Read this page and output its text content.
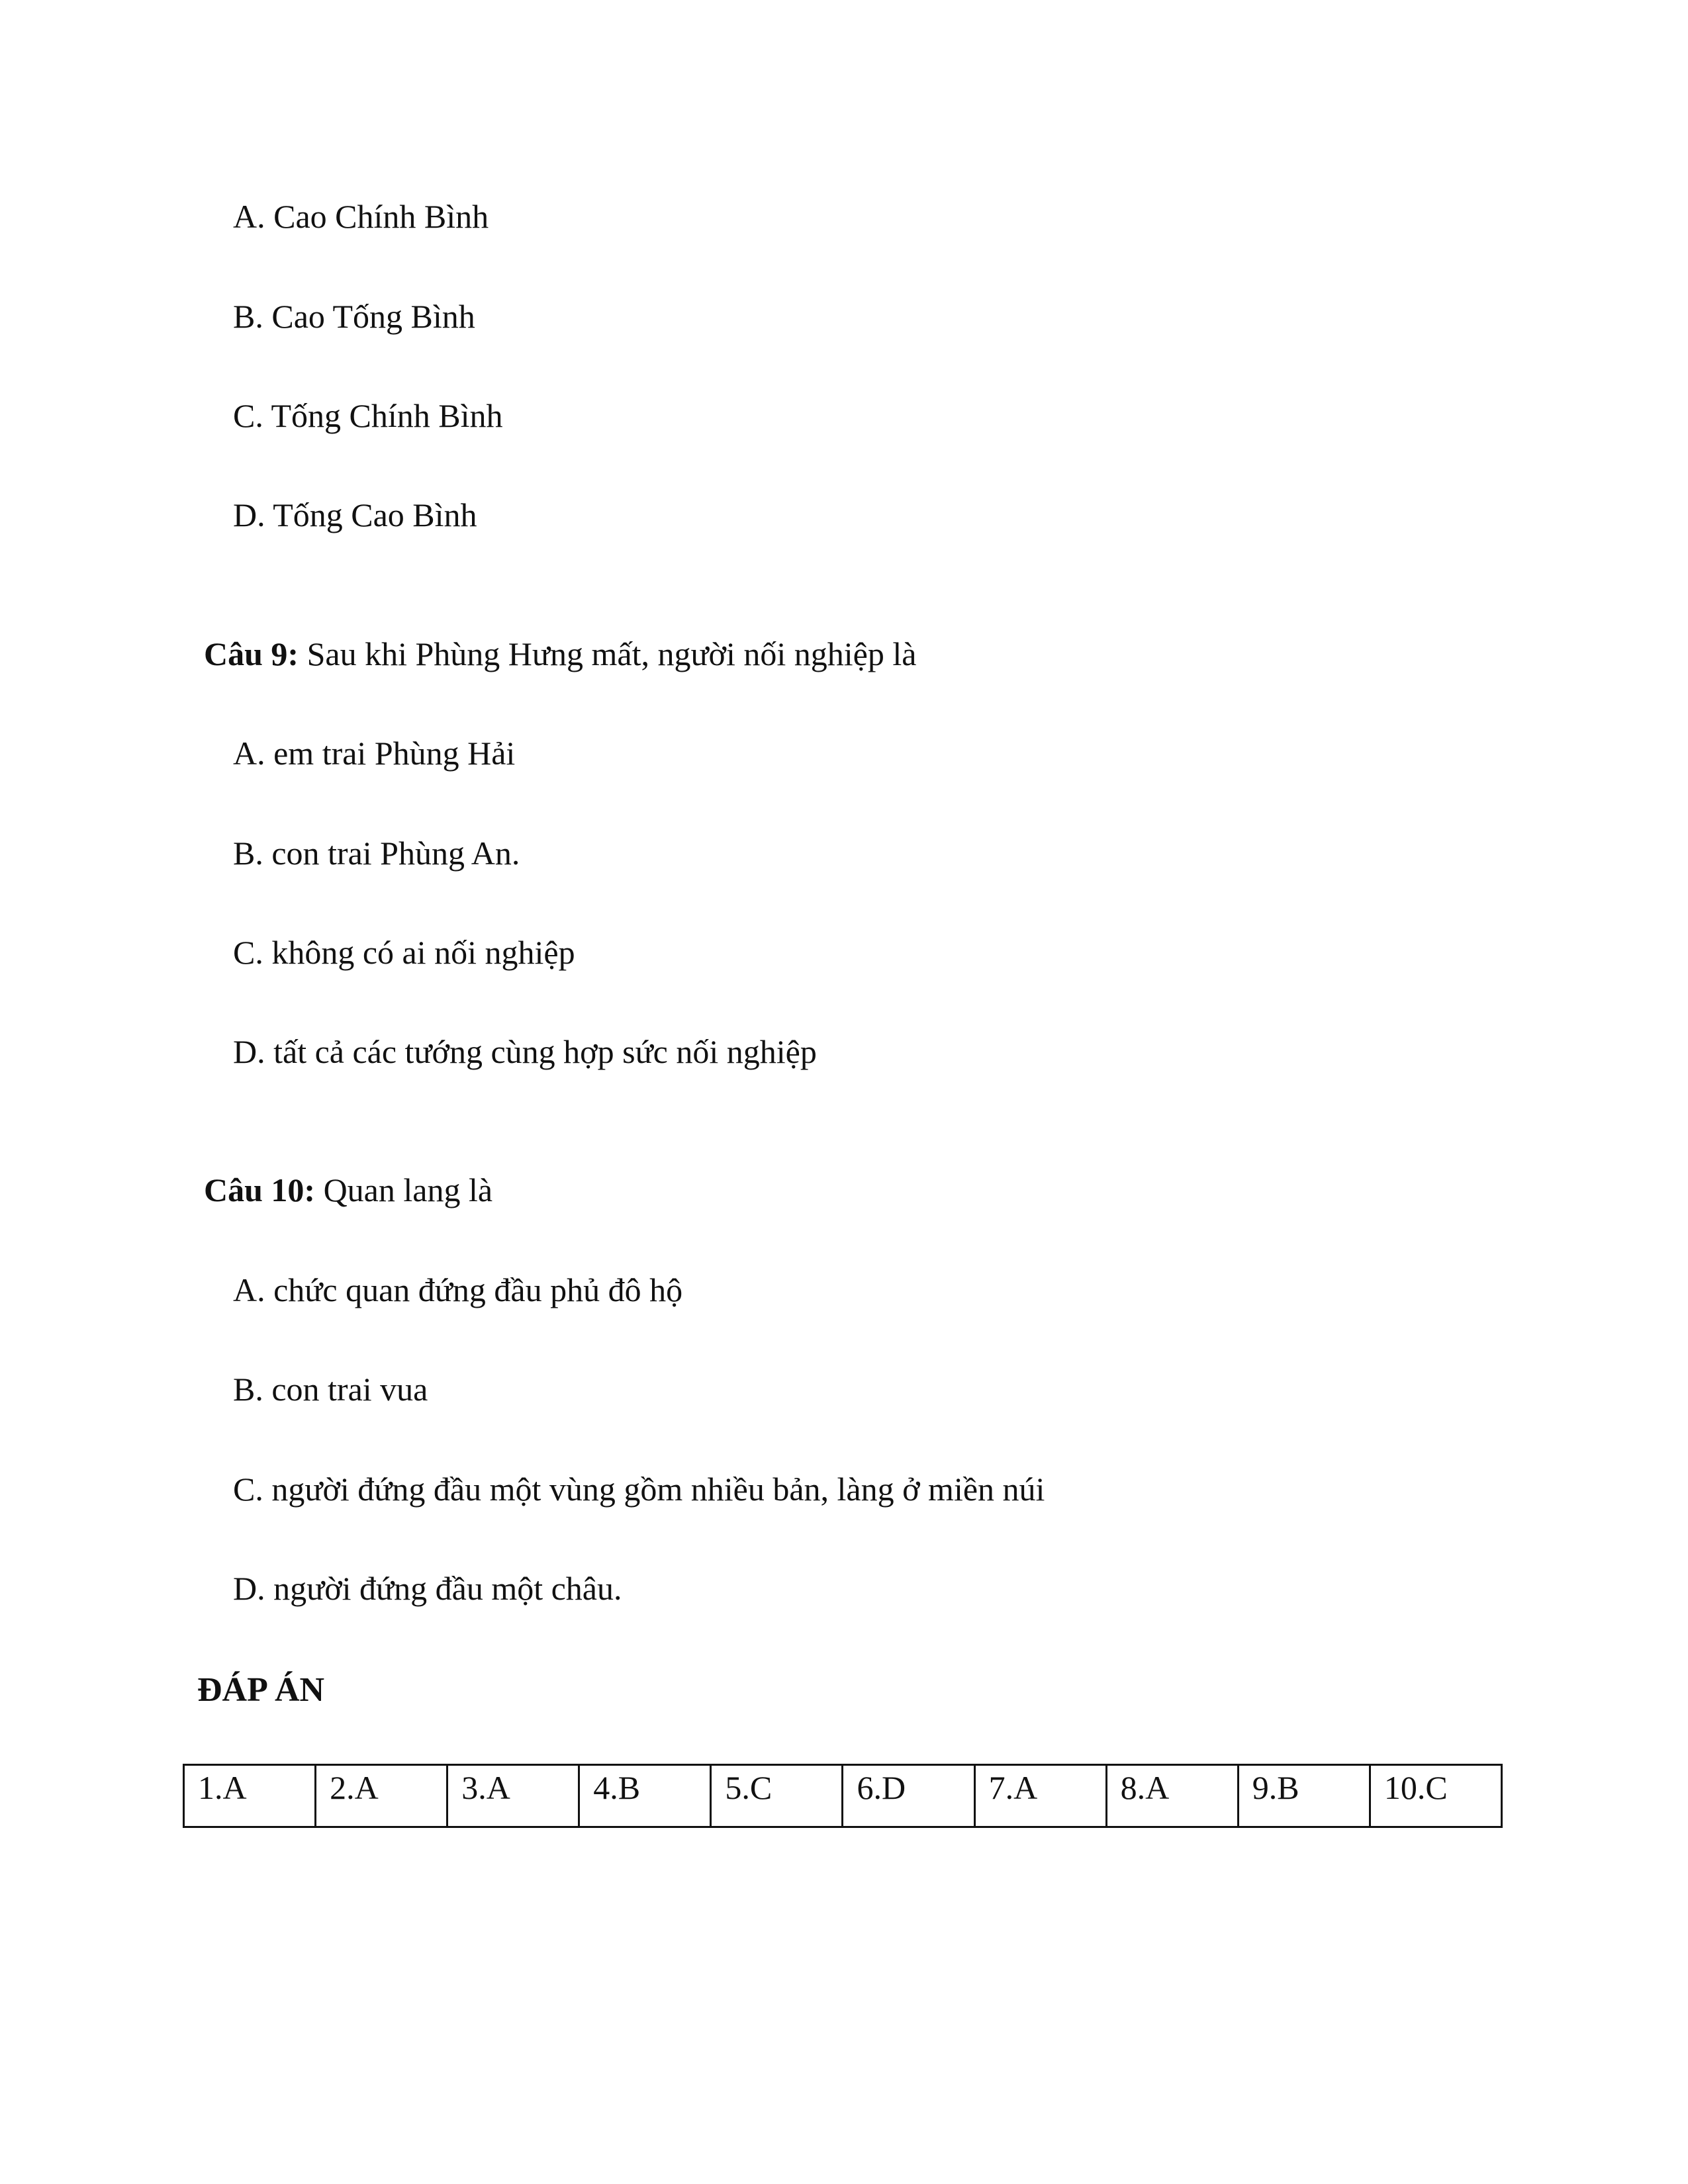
A. Cao Chính Bình
B. Cao Tống Bình
C. Tống Chính Bình
D. Tống Cao Bình
Câu 9: Sau khi Phùng Hưng mất, người nối nghiệp là
A. em trai Phùng Hải
B. con trai Phùng An.
C. không có ai nối nghiệp
D. tất cả các tướng cùng hợp sức nối nghiệp
Câu 10: Quan lang là
A. chức quan đứng đầu phủ đô hộ
B. con trai vua
C. người đứng đầu một vùng gồm nhiều bản, làng ở miền núi
D. người đứng đầu một châu.
ĐÁP ÁN
1.A	2.A	3.A	4.B	5.C	6.D	7.A	8.A	9.B	10.C
